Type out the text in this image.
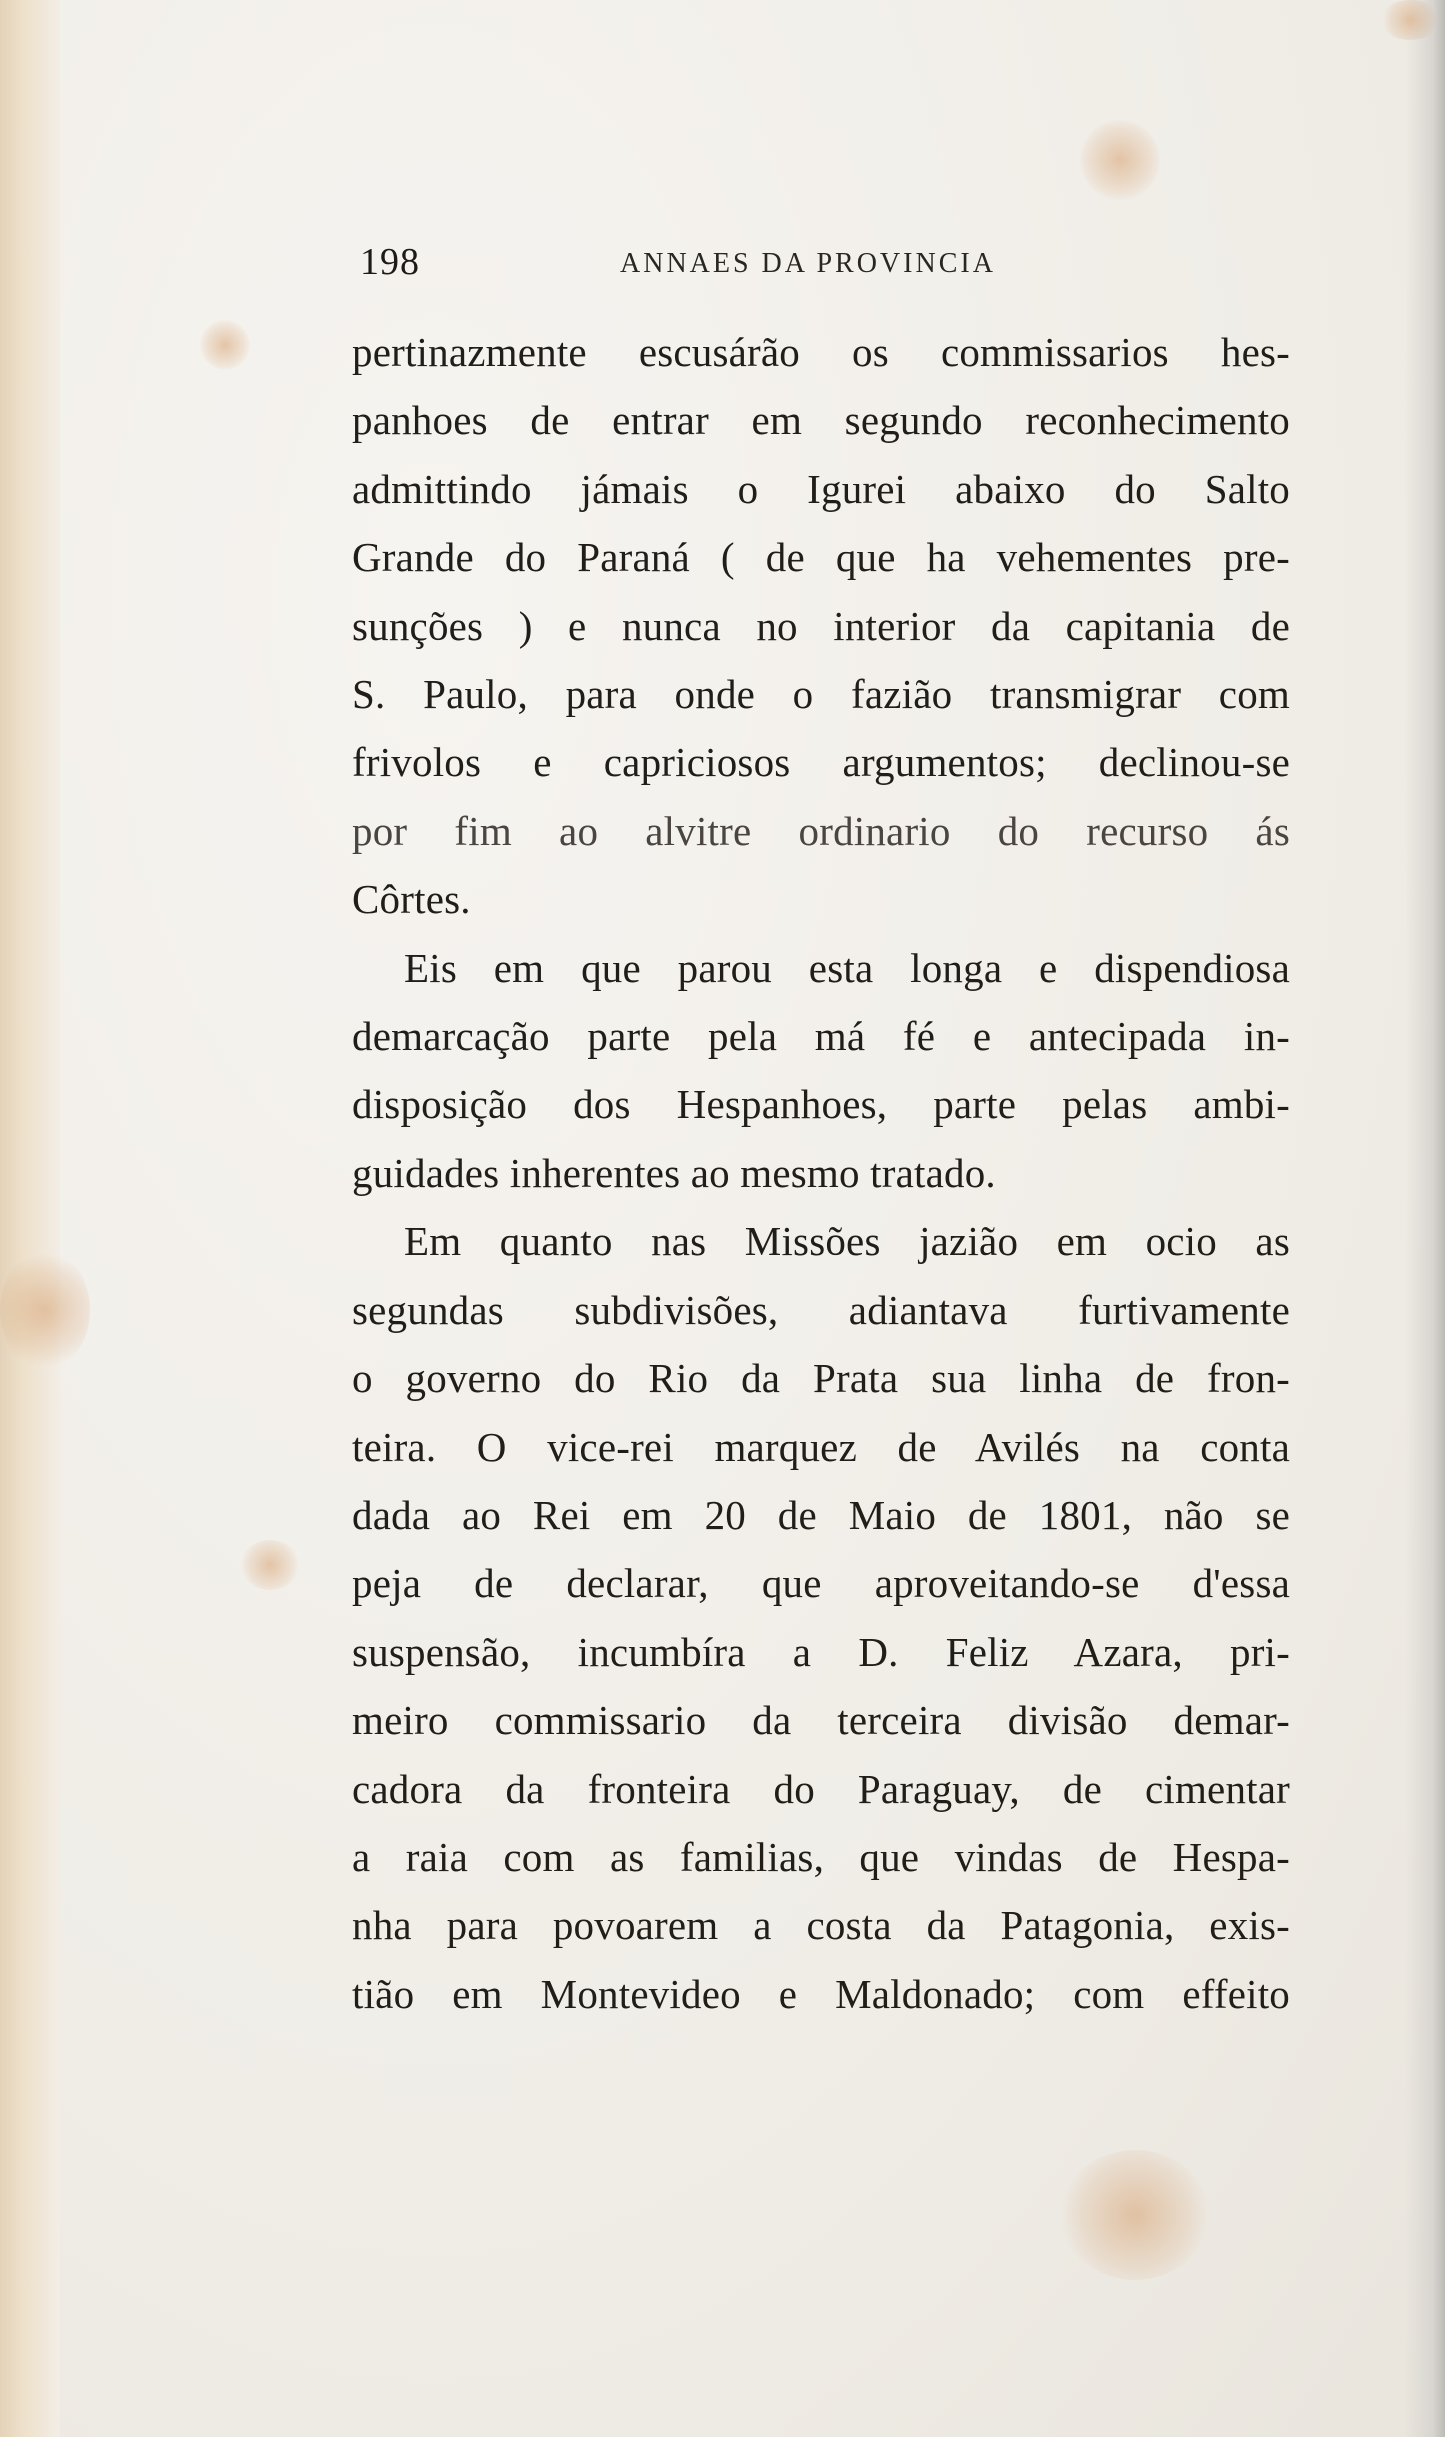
198	ANNAES DA PROVINCIA
pertinazmente escusárão os commissarios hes-
panhoes de entrar em segundo reconhecimento
admittindo jámais o Igurei abaixo do Salto
Grande do Paraná ( de que ha vehementes pre-
sunções ) e nunca no interior da capitania de
S. Paulo, para onde o fazião transmigrar com
frivolos e capriciosos argumentos; declinou-se
por fim ao alvitre ordinario do recurso ás
Côrtes.
Eis em que parou esta longa e dispendiosa
demarcação parte pela má fé e antecipada in-
disposição dos Hespanhoes, parte pelas ambi-
guidades inherentes ao mesmo tratado.
Em quanto nas Missões jazião em ocio as
segundas subdivisões, adiantava furtivamente
o governo do Rio da Prata sua linha de fron-
teira. O vice-rei marquez de Avilés na conta
dada ao Rei em 20 de Maio de 1801, não se
peja de declarar, que aproveitando-se d'essa
suspensão, incumbíra a D. Feliz Azara, pri-
meiro commissario da terceira divisão demar-
cadora da fronteira do Paraguay, de cimentar
a raia com as familias, que vindas de Hespa-
nha para povoarem a costa da Patagonia, exis-
tião em Montevideo e Maldonado; com effeito
